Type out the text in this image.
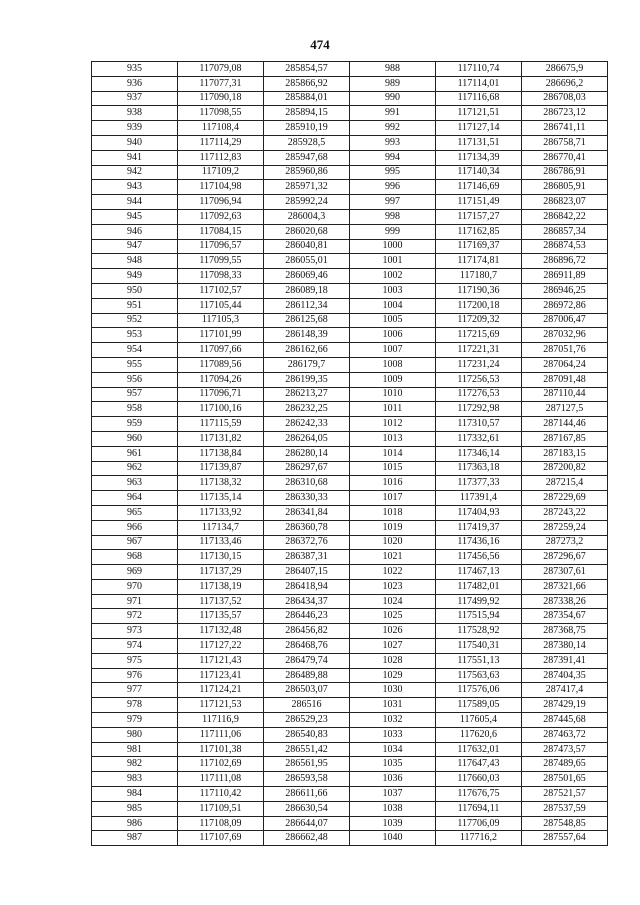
474
935	117079,08	285854,57	988	117110,74	286675,9
936	117077,31	285866,92	989	117114,01	286696,2
937	117090,18	285884,01	990	117116,68	286708,03
938	117098,55	285894,15	991	117121,51	286723,12
939	117108,4	285910,19	992	117127,14	286741,11
940	117114,29	285928,5	993	117131,51	286758,71
941	117112,83	285947,68	994	117134,39	286770,41
942	117109,2	285960,86	995	117140,34	286786,91
943	117104,98	285971,32	996	117146,69	286805,91
944	117096,94	285992,24	997	117151,49	286823,07
945	117092,63	286004,3	998	117157,27	286842,22
946	117084,15	286020,68	999	117162,85	286857,34
947	117096,57	286040,81	1000	117169,37	286874,53
948	117099,55	286055,01	1001	117174,81	286896,72
949	117098,33	286069,46	1002	117180,7	286911,89
950	117102,57	286089,18	1003	117190,36	286946,25
951	117105,44	286112,34	1004	117200,18	286972,86
952	117105,3	286125,68	1005	117209,32	287006,47
953	117101,99	286148,39	1006	117215,69	287032,96
954	117097,66	286162,66	1007	117221,31	287051,76
955	117089,56	286179,7	1008	117231,24	287064,24
956	117094,26	286199,35	1009	117256,53	287091,48
957	117096,71	286213,27	1010	117276,53	287110,44
958	117100,16	286232,25	1011	117292,98	287127,5
959	117115,59	286242,33	1012	117310,57	287144,46
960	117131,82	286264,05	1013	117332,61	287167,85
961	117138,84	286280,14	1014	117346,14	287183,15
962	117139,87	286297,67	1015	117363,18	287200,82
963	117138,32	286310,68	1016	117377,33	287215,4
964	117135,14	286330,33	1017	117391,4	287229,69
965	117133,92	286341,84	1018	117404,93	287243,22
966	117134,7	286360,78	1019	117419,37	287259,24
967	117133,46	286372,76	1020	117436,16	287273,2
968	117130,15	286387,31	1021	117456,56	287296,67
969	117137,29	286407,15	1022	117467,13	287307,61
970	117138,19	286418,94	1023	117482,01	287321,66
971	117137,52	286434,37	1024	117499,92	287338,26
972	117135,57	286446,23	1025	117515,94	287354,67
973	117132,48	286456,82	1026	117528,92	287368,75
974	117127,22	286468,76	1027	117540,31	287380,14
975	117121,43	286479,74	1028	117551,13	287391,41
976	117123,41	286489,88	1029	117563,63	287404,35
977	117124,21	286503,07	1030	117576,06	287417,4
978	117121,53	286516	1031	117589,05	287429,19
979	117116,9	286529,23	1032	117605,4	287445,68
980	117111,06	286540,83	1033	117620,6	287463,72
981	117101,38	286551,42	1034	117632,01	287473,57
982	117102,69	286561,95	1035	117647,43	287489,65
983	117111,08	286593,58	1036	117660,03	287501,65
984	117110,42	286611,66	1037	117676,75	287521,57
985	117109,51	286630,54	1038	117694,11	287537,59
986	117108,09	286644,07	1039	117706,09	287548,85
987	117107,69	286662,48	1040	117716,2	287557,64
